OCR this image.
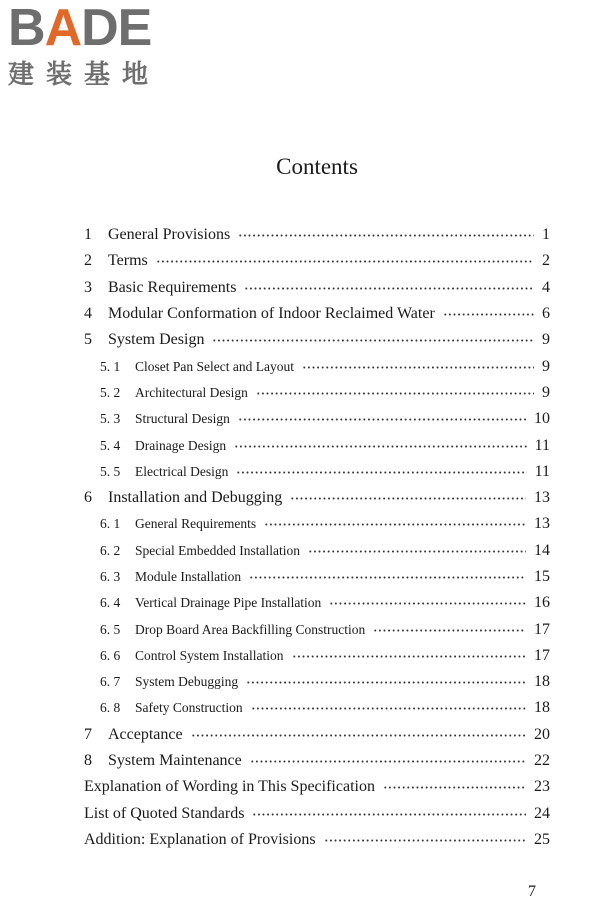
BADE
建装基地
Contents
1 General Provisions	1
2 Terms	2
3 Basic Requirements	4
4 Modular Conformation of Indoor Reclaimed Water	6
5 System Design	9
5. 1 Closet Pan Select and Layout	9
5. 2 Architectural Design	9
5. 3 Structural Design	10
5. 4 Drainage Design	11
5. 5 Electrical Design	11
6 Installation and Debugging	13
6. 1 General Requirements	13
6. 2 Special Embedded Installation	14
6. 3 Module Installation	15
6. 4 Vertical Drainage Pipe Installation	16
6. 5 Drop Board Area Backfilling Construction	17
6. 6 Control System Installation	17
6. 7 System Debugging	18
6. 8 Safety Construction	18
7 Acceptance	20
8 System Maintenance	22
Explanation of Wording in This Specification	23
List of Quoted Standards	24
Addition: Explanation of Provisions	25
7
